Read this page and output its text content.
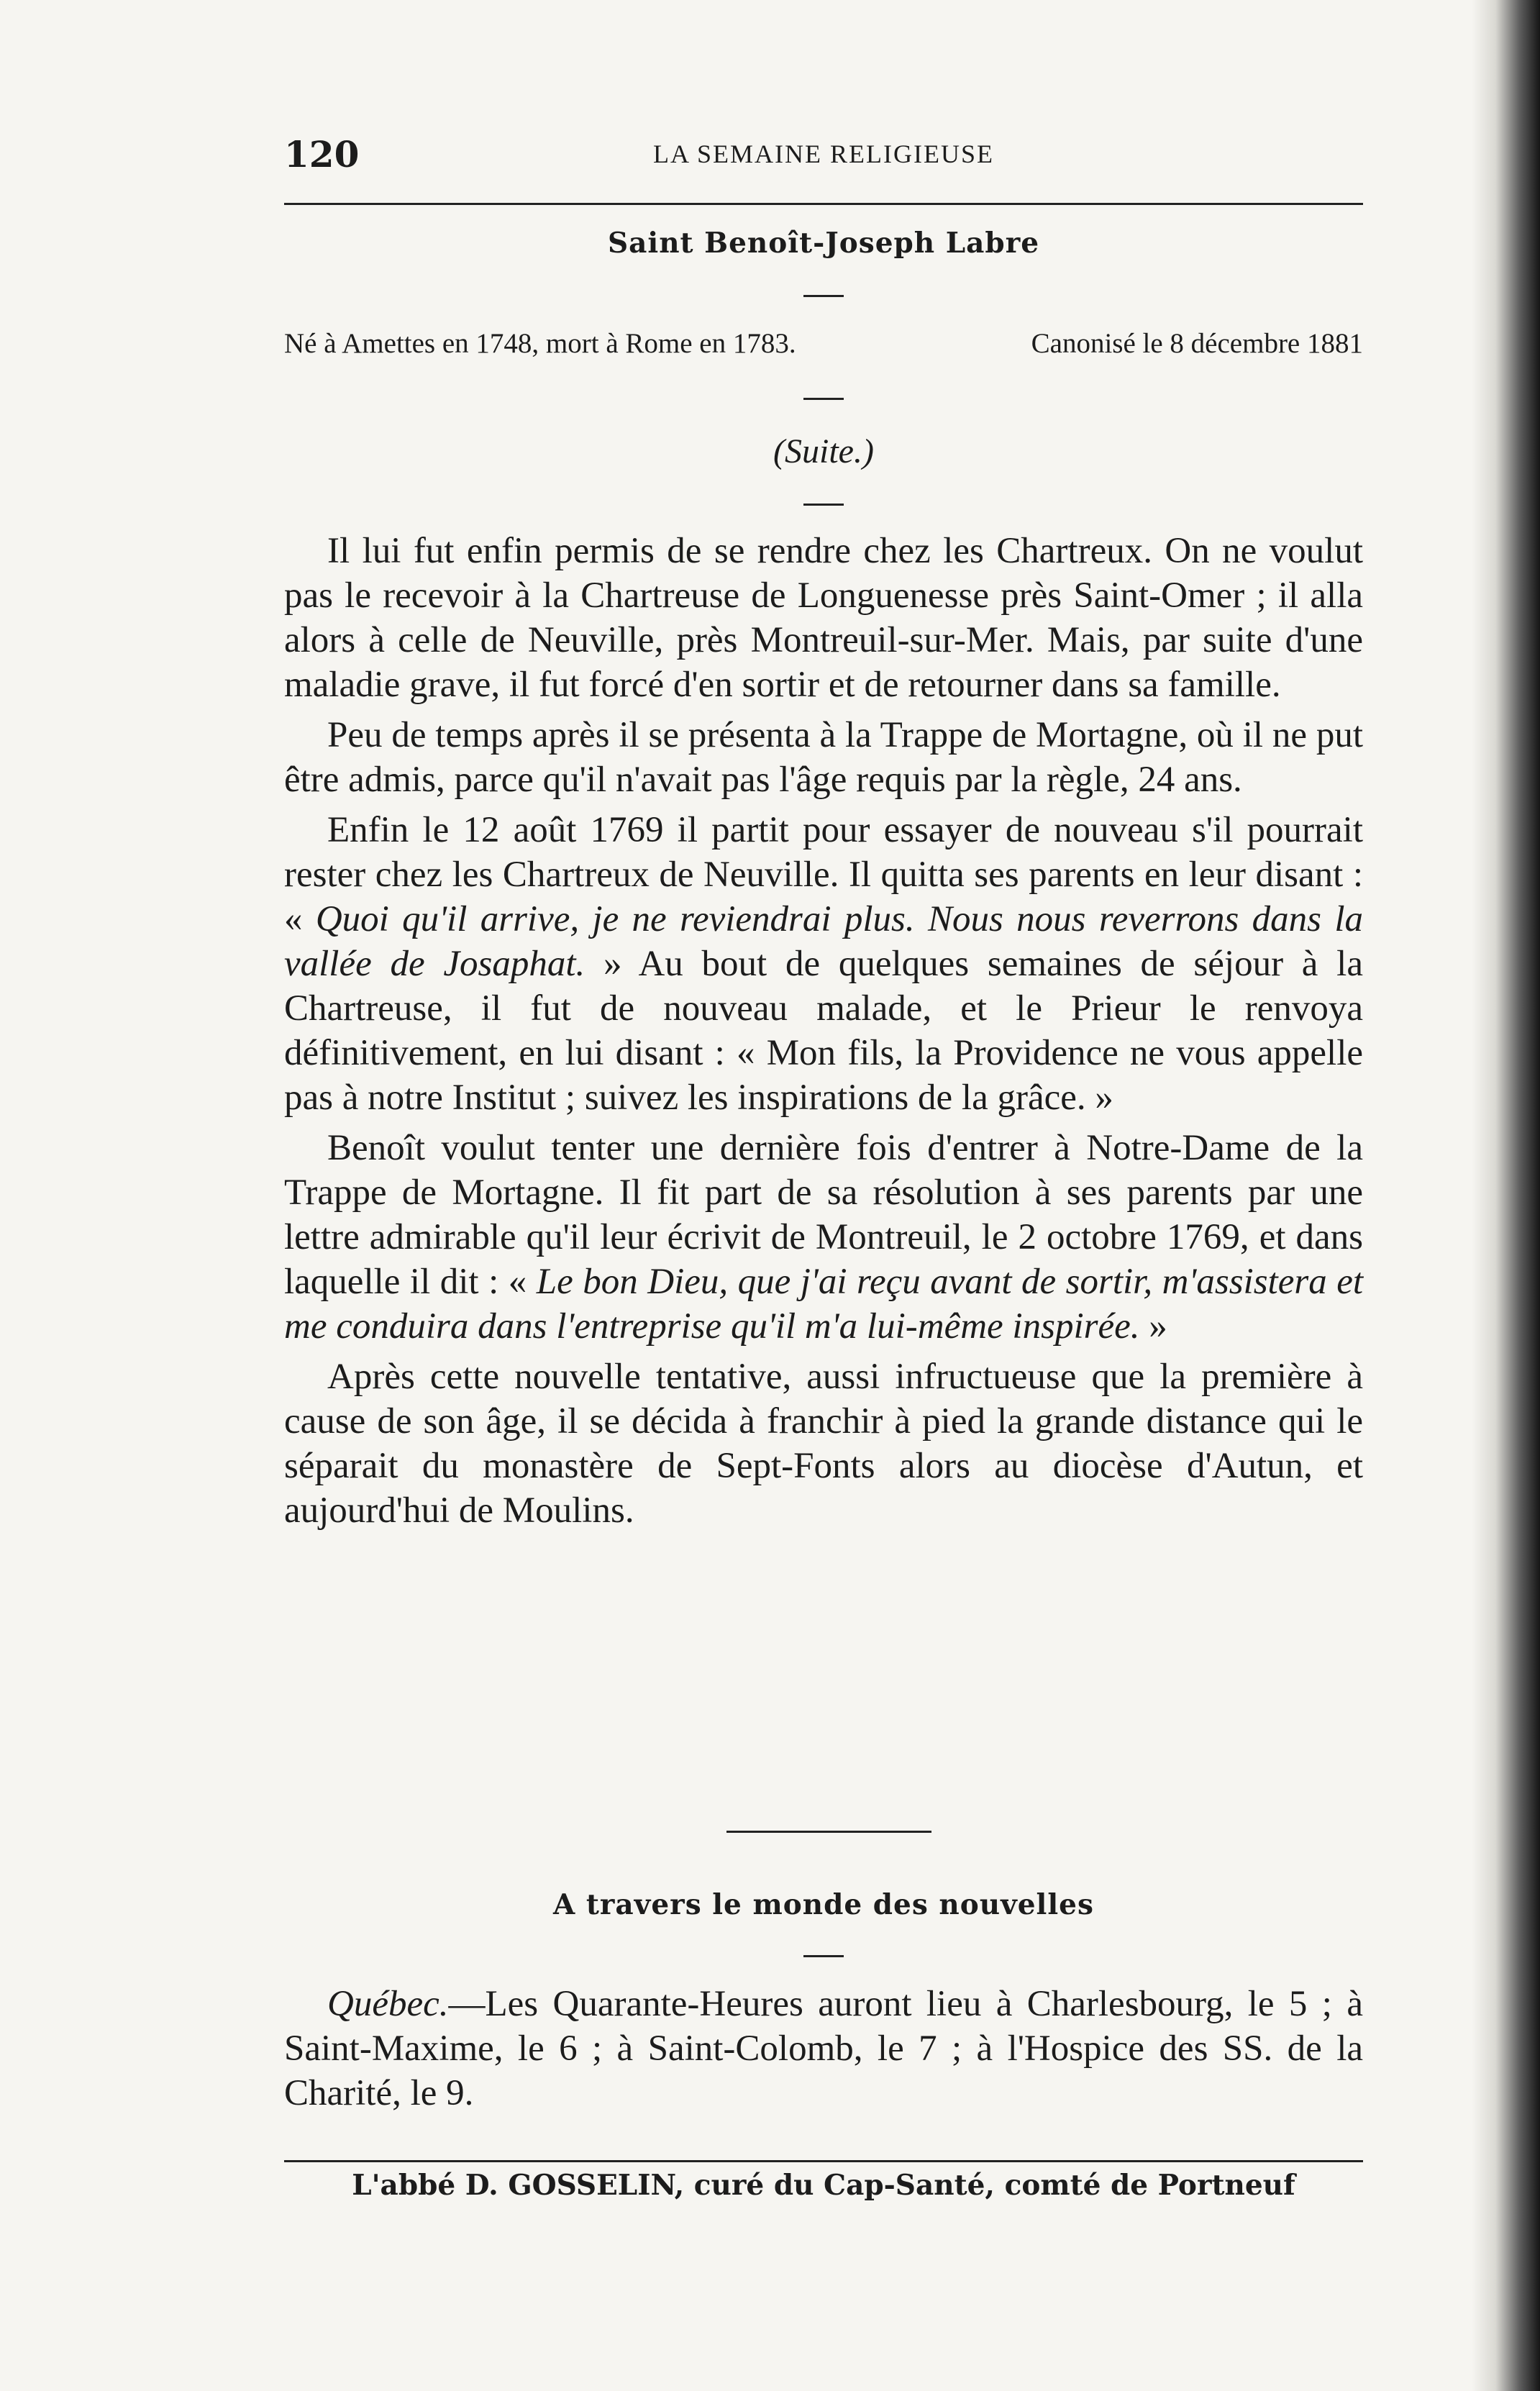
120	LA SEMAINE RELIGIEUSE
Saint Benoît-Joseph Labre
Né à Amettes en 1748, mort à Rome en 1783.	Canonisé le 8 décembre 1881
(Suite.)

Il lui fut enfin permis de se rendre chez les Chartreux. On ne voulut pas le recevoir à la Chartreuse de Longuenesse près Saint-Omer ; il alla alors à celle de Neuville, près Montreuil-sur-Mer. Mais, par suite d'une maladie grave, il fut forcé d'en sortir et de retourner dans sa famille.

Peu de temps après il se présenta à la Trappe de Mortagne, où il ne put être admis, parce qu'il n'avait pas l'âge requis par la règle, 24 ans.

Enfin le 12 août 1769 il partit pour essayer de nouveau s'il pourrait rester chez les Chartreux de Neuville. Il quitta ses parents en leur disant : « Quoi qu'il arrive, je ne reviendrai plus. Nous nous reverrons dans la vallée de Josaphat. » Au bout de quelques semaines de séjour à la Chartreuse, il fut de nouveau malade, et le Prieur le renvoya définitivement, en lui disant : « Mon fils, la Providence ne vous appelle pas à notre Institut ; suivez les inspirations de la grâce. »

Benoît voulut tenter une dernière fois d'entrer à Notre-Dame de la Trappe de Mortagne. Il fit part de sa résolution à ses parents par une lettre admirable qu'il leur écrivit de Montreuil, le 2 octobre 1769, et dans laquelle il dit : « Le bon Dieu, que j'ai reçu avant de sortir, m'assistera et me conduira dans l'entreprise qu'il m'a lui-même inspirée. »

Après cette nouvelle tentative, aussi infructueuse que la première à cause de son âge, il se décida à franchir à pied la grande distance qui le séparait du monastère de Sept-Fonts alors au diocèse d'Autun, et aujourd'hui de Moulins.

A travers le monde des nouvelles

Québec.—Les Quarante-Heures auront lieu à Charlesbourg, le 5 ; à Saint-Maxime, le 6 ; à Saint-Colomb, le 7 ; à l'Hospice des SS. de la Charité, le 9.

L'abbé D. GOSSELIN, curé du Cap-Santé, comté de Portneuf
